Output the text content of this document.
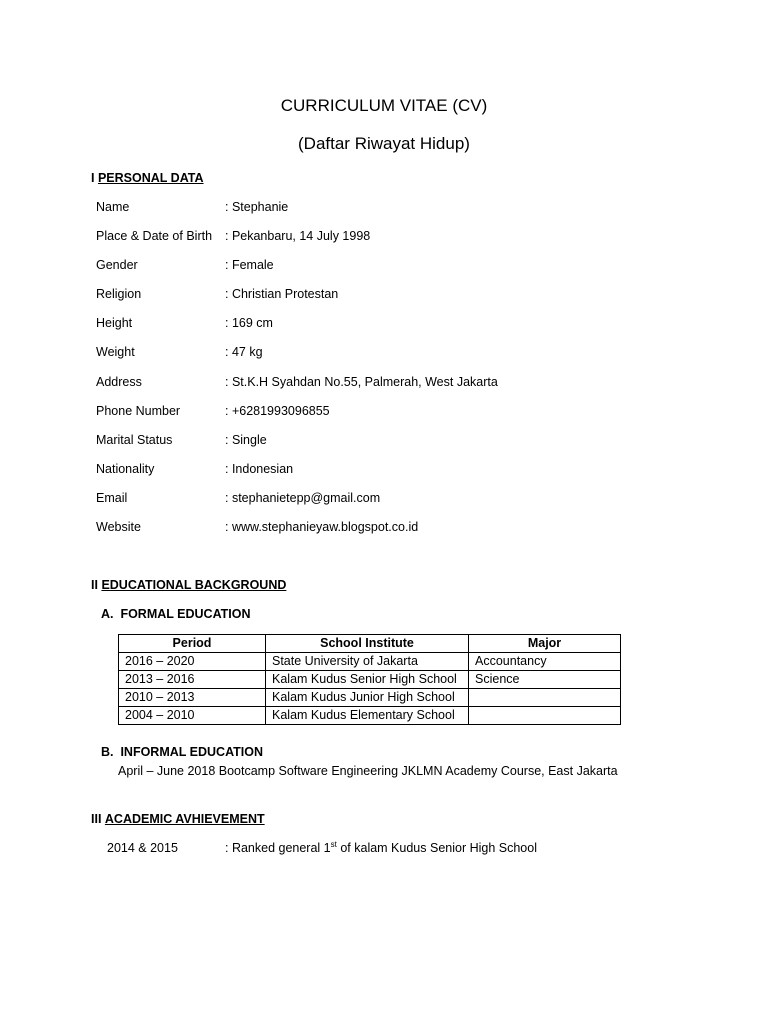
CURRICULUM VITAE (CV)
(Daftar Riwayat Hidup)
I PERSONAL DATA
Name	: Stephanie
Place & Date of Birth : Pekanbaru, 14 July 1998
Gender	: Female
Religion	: Christian Protestan
Height	: 169 cm
Weight	: 47 kg
Address	: St.K.H Syahdan No.55, Palmerah, West Jakarta
Phone Number	: +6281993096855
Marital Status	: Single
Nationality	: Indonesian
Email	: stephanietepp@gmail.com
Website	: www.stephanieyaw.blogspot.co.id
II EDUCATIONAL BACKGROUND
A.  FORMAL EDUCATION
Period	School Institute	Major
2016 – 2020	State University of Jakarta	Accountancy
2013 – 2016	Kalam Kudus Senior High School	Science
2010 – 2013	Kalam Kudus Junior High School	
2004 – 2010	Kalam Kudus Elementary School	
B.  INFORMAL EDUCATION
April – June 2018 Bootcamp Software Engineering JKLMN Academy Course, East Jakarta
III ACADEMIC AVHIEVEMENT
2014 & 2015	: Ranked general 1st of kalam Kudus Senior High School
